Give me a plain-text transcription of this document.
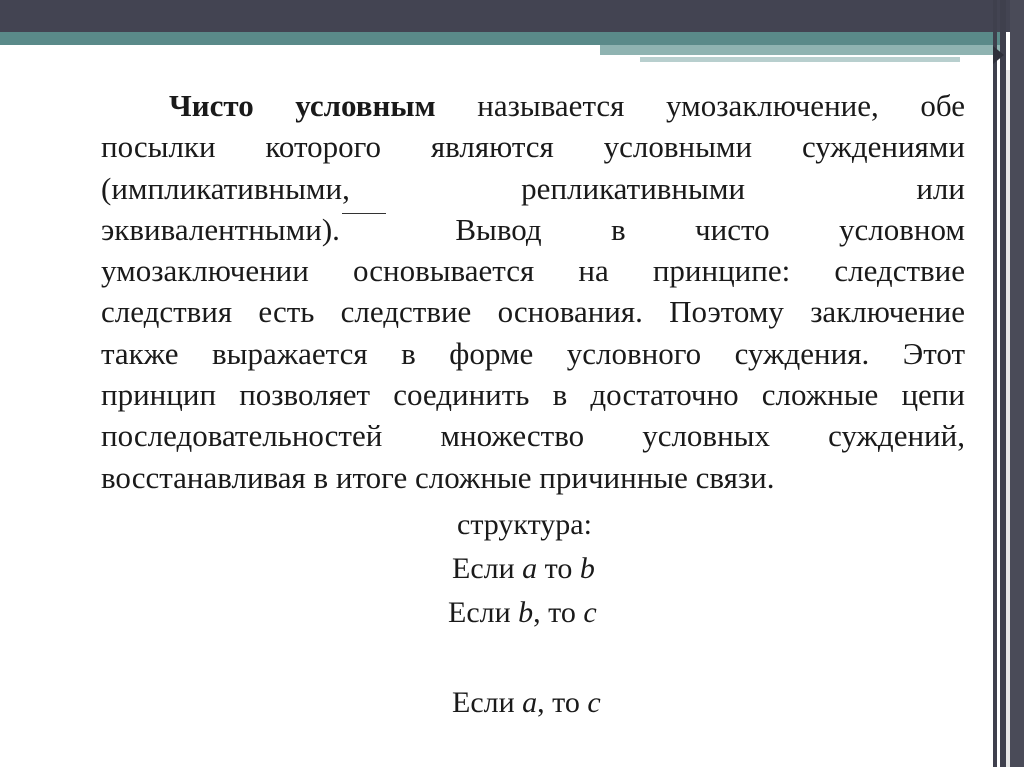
Чисто условным называется умозаключение, обе
посылки которого являются условными суждениями
(импликативными, репликативными или
эквивалентными). Вывод в чисто условном
умозаключении основывается на принципе: следствие
следствия есть следствие основания. Поэтому заключение
также выражается в форме условного суждения. Этот
принцип позволяет соединить в достаточно сложные цепи
последовательностей множество условных суждений,
восстанавливая в итоге сложные причинные связи.
структура:
Если a то b
Если b, то c
Если a, то c
